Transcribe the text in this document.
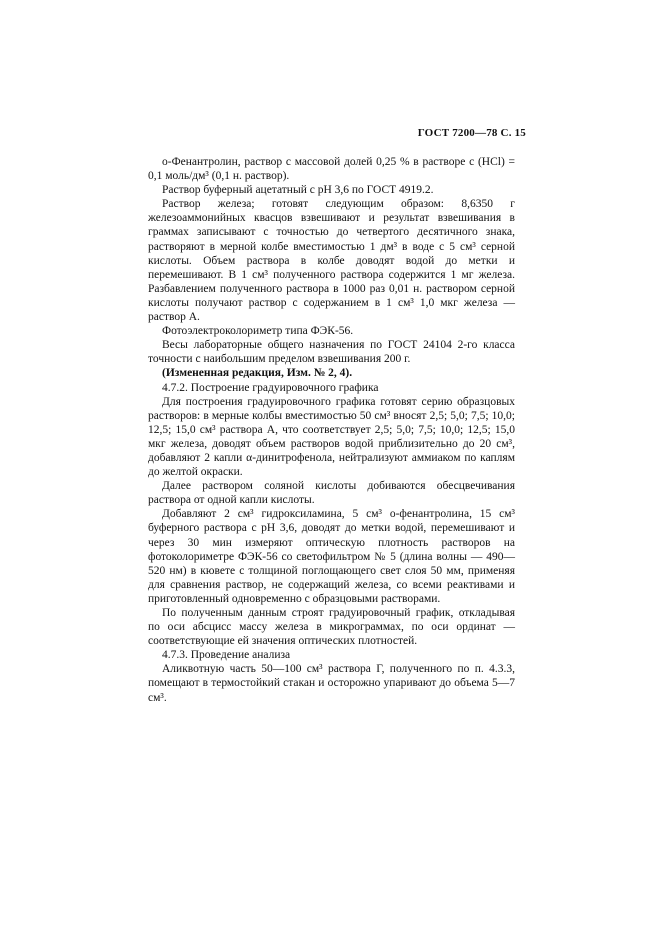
ГОСТ 7200—78 С. 15

о-Фенантролин, раствор с массовой долей 0,25 % в растворе с (HCl) = 0,1 моль/дм³ (0,1 н. раствор).

Раствор буферный ацетатный с pH 3,6 по ГОСТ 4919.2.

Раствор железа; готовят следующим образом: 8,6350 г железоаммонийных квасцов взвешивают и результат взвешивания в граммах записывают с точностью до четвертого десятичного знака, растворяют в мерной колбе вместимостью 1 дм³ в воде с 5 см³ серной кислоты. Объем раствора в колбе доводят водой до метки и перемешивают. В 1 см³ полученного раствора содержится 1 мг железа. Разбавлением полученного раствора в 1000 раз 0,01 н. раствором серной кислоты получают раствор с содержанием в 1 см³ 1,0 мкг железа — раствор А.

Фотоэлектроколориметр типа ФЭК-56.

Весы лабораторные общего назначения по ГОСТ 24104 2-го класса точности с наибольшим пределом взвешивания 200 г.

(Измененная редакция, Изм. № 2, 4).

4.7.2. Построение градуировочного графика

Для построения градуировочного графика готовят серию образцовых растворов: в мерные колбы вместимостью 50 см³ вносят 2,5; 5,0; 7,5; 10,0; 12,5; 15,0 см³ раствора А, что соответствует 2,5; 5,0; 7,5; 10,0; 12,5; 15,0 мкг железа, доводят объем растворов водой приблизительно до 20 см³, добавляют 2 капли α-динитрофенола, нейтрализуют аммиаком по каплям до желтой окраски.

Далее раствором соляной кислоты добиваются обесцвечивания раствора от одной капли кислоты.

Добавляют 2 см³ гидроксиламина, 5 см³ о-фенантролина, 15 см³ буферного раствора с pH 3,6, доводят до метки водой, перемешивают и через 30 мин измеряют оптическую плотность растворов на фотоколориметре ФЭК-56 со светофильтром № 5 (длина волны — 490—520 нм) в кювете с толщиной поглощающего свет слоя 50 мм, применяя для сравнения раствор, не содержащий железа, со всеми реактивами и приготовленный одновременно с образцовыми растворами.

По полученным данным строят градуировочный график, откладывая по оси абсцисс массу железа в микрограммах, по оси ординат — соответствующие ей значения оптических плотностей.

4.7.3. Проведение анализа

Аликвотную часть 50—100 см³ раствора Г, полученного по п. 4.3.3, помещают в термостойкий стакан и осторожно упаривают до объема 5—7 см³.
